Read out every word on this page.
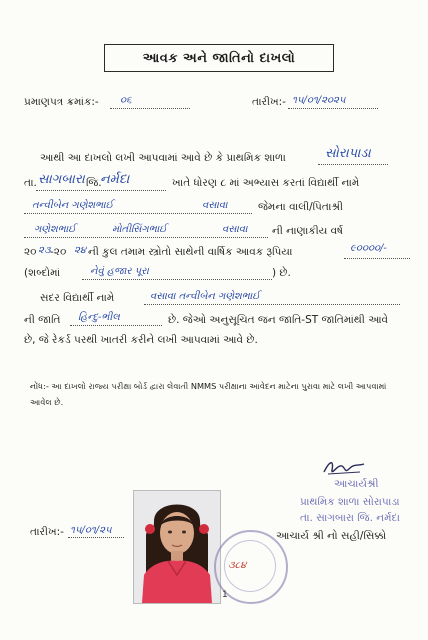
આવક અને જાતિનો દાખલો
પ્રમાણપત્ર ક્રમાંક:- ૦૬	તારીખ:- ૧૫/૦૧/૨૦૨૫
આથી આ દાખલો લખી આપવામાં આવે છે કે પ્રાથમિક શાળા	સોરાપાડા
તા. સાગબારા જિ.
નર્મદા	ખાતે ધોરણ ૮ માં અભ્યાસ કરતાં વિદ્યાર્થી નામે
તન્વીબેન ગણેશભાઈ	વસાવા	જેમના વાલી/પિતાશ્રી
ગણેશભાઈ	મોતીસિંગભાઈ	વસાવા ની નાણાકીય વર્ષ
૨૦ ૨૩ -૨૦ ૨૪ ની કુલ તમામ સ્ત્રોતો સાથેની વાર્ષિક આવક રૂપિયા	૯૦૦૦૦/-
(શબ્દોમાં	નેવું હજાર પૂરા	) છે.
સદર વિદ્યાર્થી નામે	વસાવા તન્વીબેન ગણેશભાઈ
ની જાતિ હિન્દુ-ભીલ	છે. જેઓ અનુસૂચિત જન જાતિ-ST જાતિમાંથી આવે
છે, જે રેકર્ડ પરથી ખાતરી કરીને લખી આપવામાં આવે છે.
નોંધ:- આ દાખલો રાજ્ય પરીક્ષા બોર્ડ દ્વારા લેવાતી NMMS પરીક્ષાના આવેદન માટેના પુરાવા માટે લખી આપવામાં આવેલ છે.
આચાર્યશ્રી
પ્રાથમિક શાળા સોરાપાડા
તા. સાગબારા જિ. નર્મદા
આચાર્ય શ્રી નો સહી/સિક્કો
તારીખ:- ૧૫/૦૧/૨૫
૩૮૪
1
